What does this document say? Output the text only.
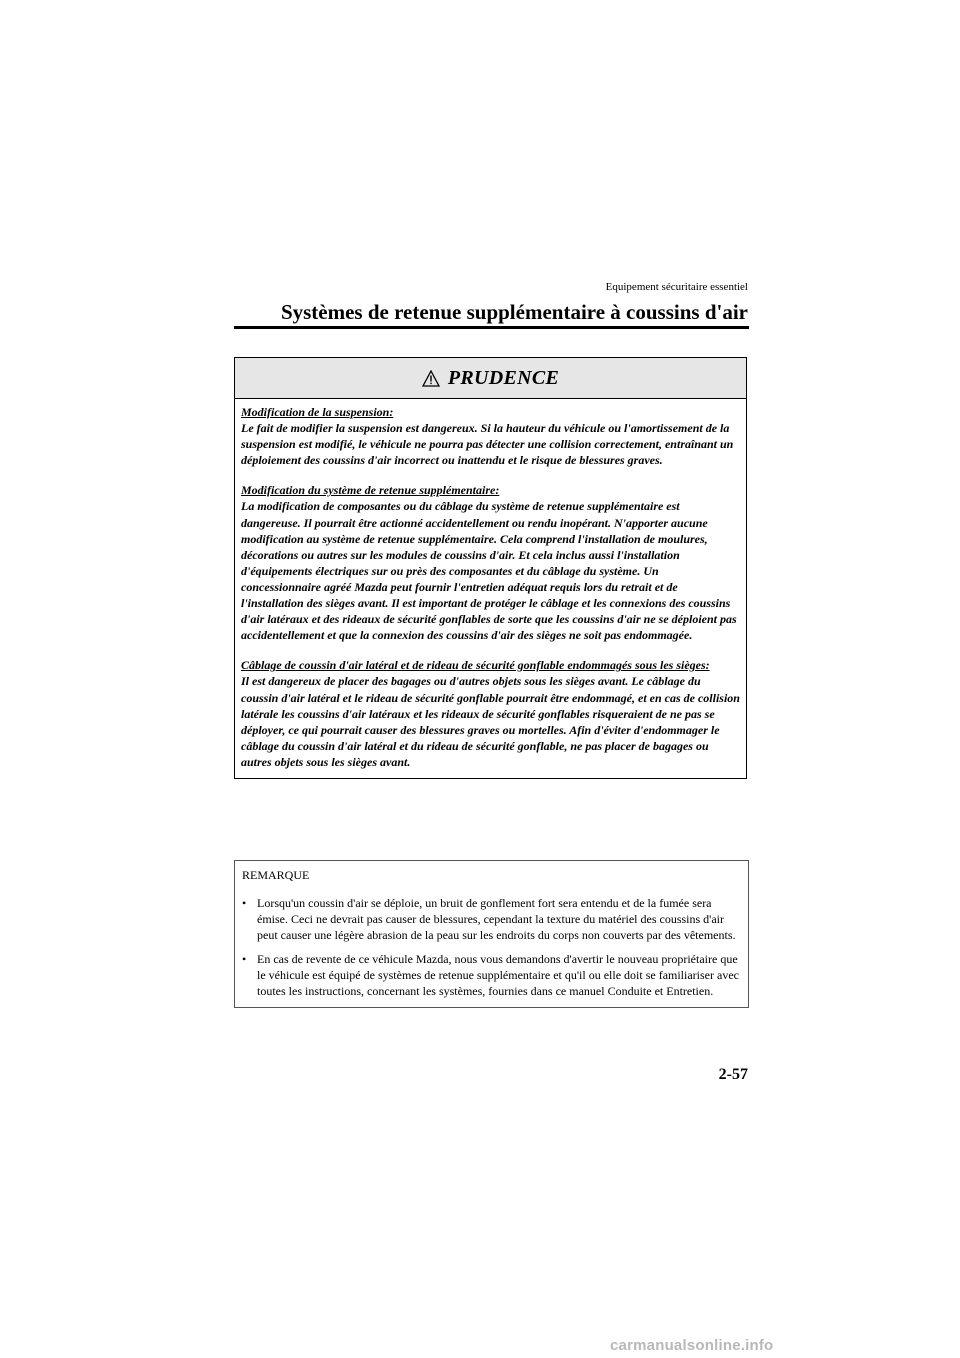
Equipement sécuritaire essentiel
Systèmes de retenue supplémentaire à coussins d'air
PRUDENCE

Modification de la suspension:
Le fait de modifier la suspension est dangereux. Si la hauteur du véhicule ou l'amortissement de la suspension est modifié, le véhicule ne pourra pas détecter une collision correctement, entraînant un déploiement des coussins d'air incorrect ou inattendu et le risque de blessures graves.

Modification du système de retenue supplémentaire:
La modification de composantes ou du câblage du système de retenue supplémentaire est dangereuse. Il pourrait être actionné accidentellement ou rendu inopérant. N'apporter aucune modification au système de retenue supplémentaire. Cela comprend l'installation de moulures, décorations ou autres sur les modules de coussins d'air. Et cela inclus aussi l'installation d'équipements électriques sur ou près des composantes et du câblage du système. Un concessionnaire agréé Mazda peut fournir l'entretien adéquat requis lors du retrait et de l'installation des sièges avant. Il est important de protéger le câblage et les connexions des coussins d'air latéraux et des rideaux de sécurité gonflables de sorte que les coussins d'air ne se déploient pas accidentellement et que la connexion des coussins d'air des sièges ne soit pas endommagée.

Câblage de coussin d'air latéral et de rideau de sécurité gonflable endommagés sous les sièges:
Il est dangereux de placer des bagages ou d'autres objets sous les sièges avant. Le câblage du coussin d'air latéral et le rideau de sécurité gonflable pourrait être endommagé, et en cas de collision latérale les coussins d'air latéraux et les rideaux de sécurité gonflables risqueraient de ne pas se déployer, ce qui pourrait causer des blessures graves ou mortelles. Afin d'éviter d'endommager le câblage du coussin d'air latéral et du rideau de sécurité gonflable, ne pas placer de bagages ou autres objets sous les sièges avant.

REMARQUE
• Lorsqu'un coussin d'air se déploie, un bruit de gonflement fort sera entendu et de la fumée sera émise. Ceci ne devrait pas causer de blessures, cependant la texture du matériel des coussins d'air peut causer une légère abrasion de la peau sur les endroits du corps non couverts par des vêtements.
• En cas de revente de ce véhicule Mazda, nous vous demandons d'avertir le nouveau propriétaire que le véhicule est équipé de systèmes de retenue supplémentaire et qu'il ou elle doit se familiariser avec toutes les instructions, concernant les systèmes, fournies dans ce manuel Conduite et Entretien.
2-57
carmanualsonline.info
